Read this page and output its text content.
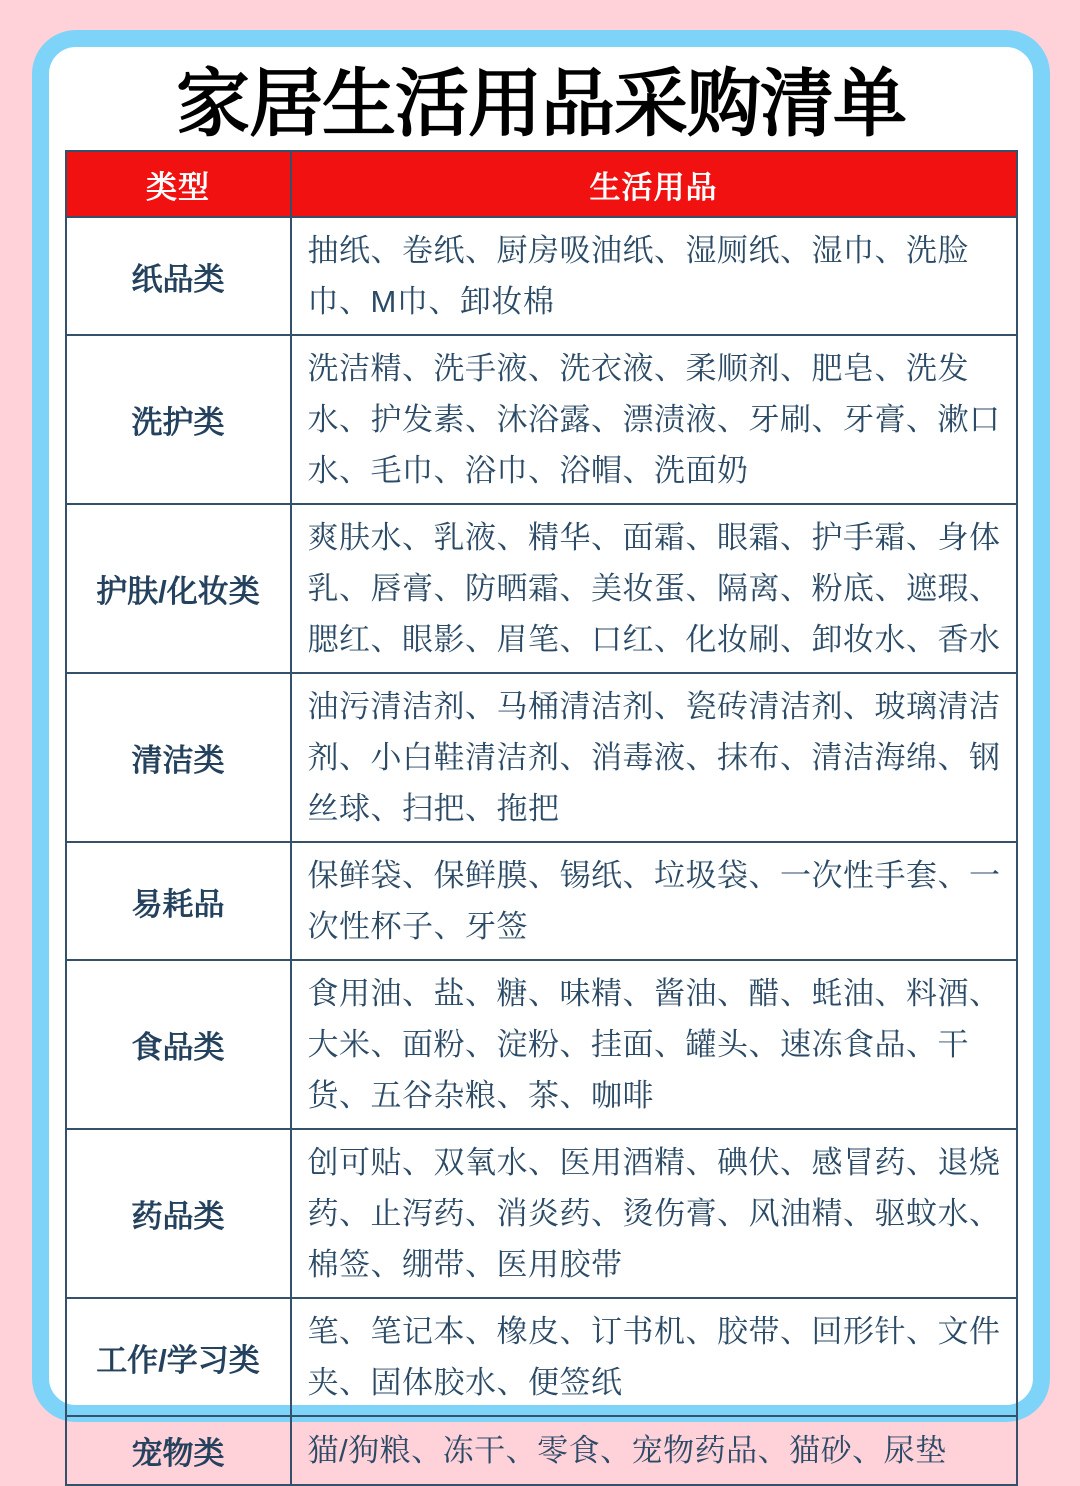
家居生活用品采购清单
类型	生活用品
纸品类	抽纸、卷纸、厨房吸油纸、湿厕纸、湿巾、洗脸巾、M巾、卸妆棉
洗护类	洗洁精、洗手液、洗衣液、柔顺剂、肥皂、洗发水、护发素、沐浴露、漂渍液、牙刷、牙膏、漱口水、毛巾、浴巾、浴帽、洗面奶
护肤/化妆类	爽肤水、乳液、精华、面霜、眼霜、护手霜、身体乳、唇膏、防晒霜、美妆蛋、隔离、粉底、遮瑕、腮红、眼影、眉笔、口红、化妆刷、卸妆水、香水
清洁类	油污清洁剂、马桶清洁剂、瓷砖清洁剂、玻璃清洁剂、小白鞋清洁剂、消毒液、抹布、清洁海绵、钢丝球、扫把、拖把
易耗品	保鲜袋、保鲜膜、锡纸、垃圾袋、一次性手套、一次性杯子、牙签
食品类	食用油、盐、糖、味精、酱油、醋、蚝油、料酒、大米、面粉、淀粉、挂面、罐头、速冻食品、干货、五谷杂粮、茶、咖啡
药品类	创可贴、双氧水、医用酒精、碘伏、感冒药、退烧药、止泻药、消炎药、烫伤膏、风油精、驱蚊水、棉签、绷带、医用胶带
工作/学习类	笔、笔记本、橡皮、订书机、胶带、回形针、文件夹、固体胶水、便签纸
宠物类	猫/狗粮、冻干、零食、宠物药品、猫砂、尿垫
